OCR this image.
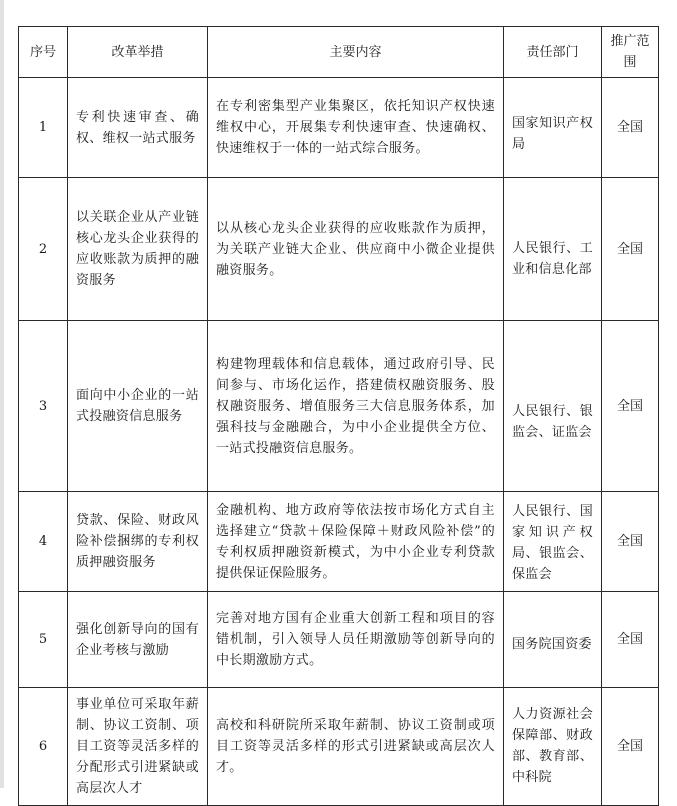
序号	改革举措	主要内容	责任部门	推广范围
1	专利快速审查、确权、维权一站式服务	在专利密集型产业集聚区，依托知识产权快速维权中心，开展集专利快速审查、快速确权、快速维权于一体的一站式综合服务。	国家知识产权局	全国
2	以关联企业从产业链核心龙头企业获得的应收账款为质押的融资服务	以从核心龙头企业获得的应收账款作为质押，为关联产业链大企业、供应商中小微企业提供融资服务。	人民银行、工业和信息化部	全国
3	面向中小企业的一站式投融资信息服务	构建物理载体和信息载体，通过政府引导、民间参与、市场化运作，搭建债权融资服务、股权融资服务、增值服务三大信息服务体系，加强科技与金融融合，为中小企业提供全方位、一站式投融资信息服务。	人民银行、银监会、证监会	全国
4	贷款、保险、财政风险补偿捆绑的专利权质押融资服务	金融机构、地方政府等依法按市场化方式自主选择建立“贷款＋保险保障＋财政风险补偿”的专利权质押融资新模式，为中小企业专利贷款提供保证保险服务。	人民银行、国家知识产权局、银监会、保监会	全国
5	强化创新导向的国有企业考核与激励	完善对地方国有企业重大创新工程和项目的容错机制，引入领导人员任期激励等创新导向的中长期激励方式。	国务院国资委	全国
6	事业单位可采取年薪制、协议工资制、项目工资等灵活多样的分配形式引进紧缺或高层次人才	高校和科研院所采取年薪制、协议工资制或项目工资等灵活多样的形式引进紧缺或高层次人才。	人力资源社会保障部、财政部、教育部、中科院	全国
